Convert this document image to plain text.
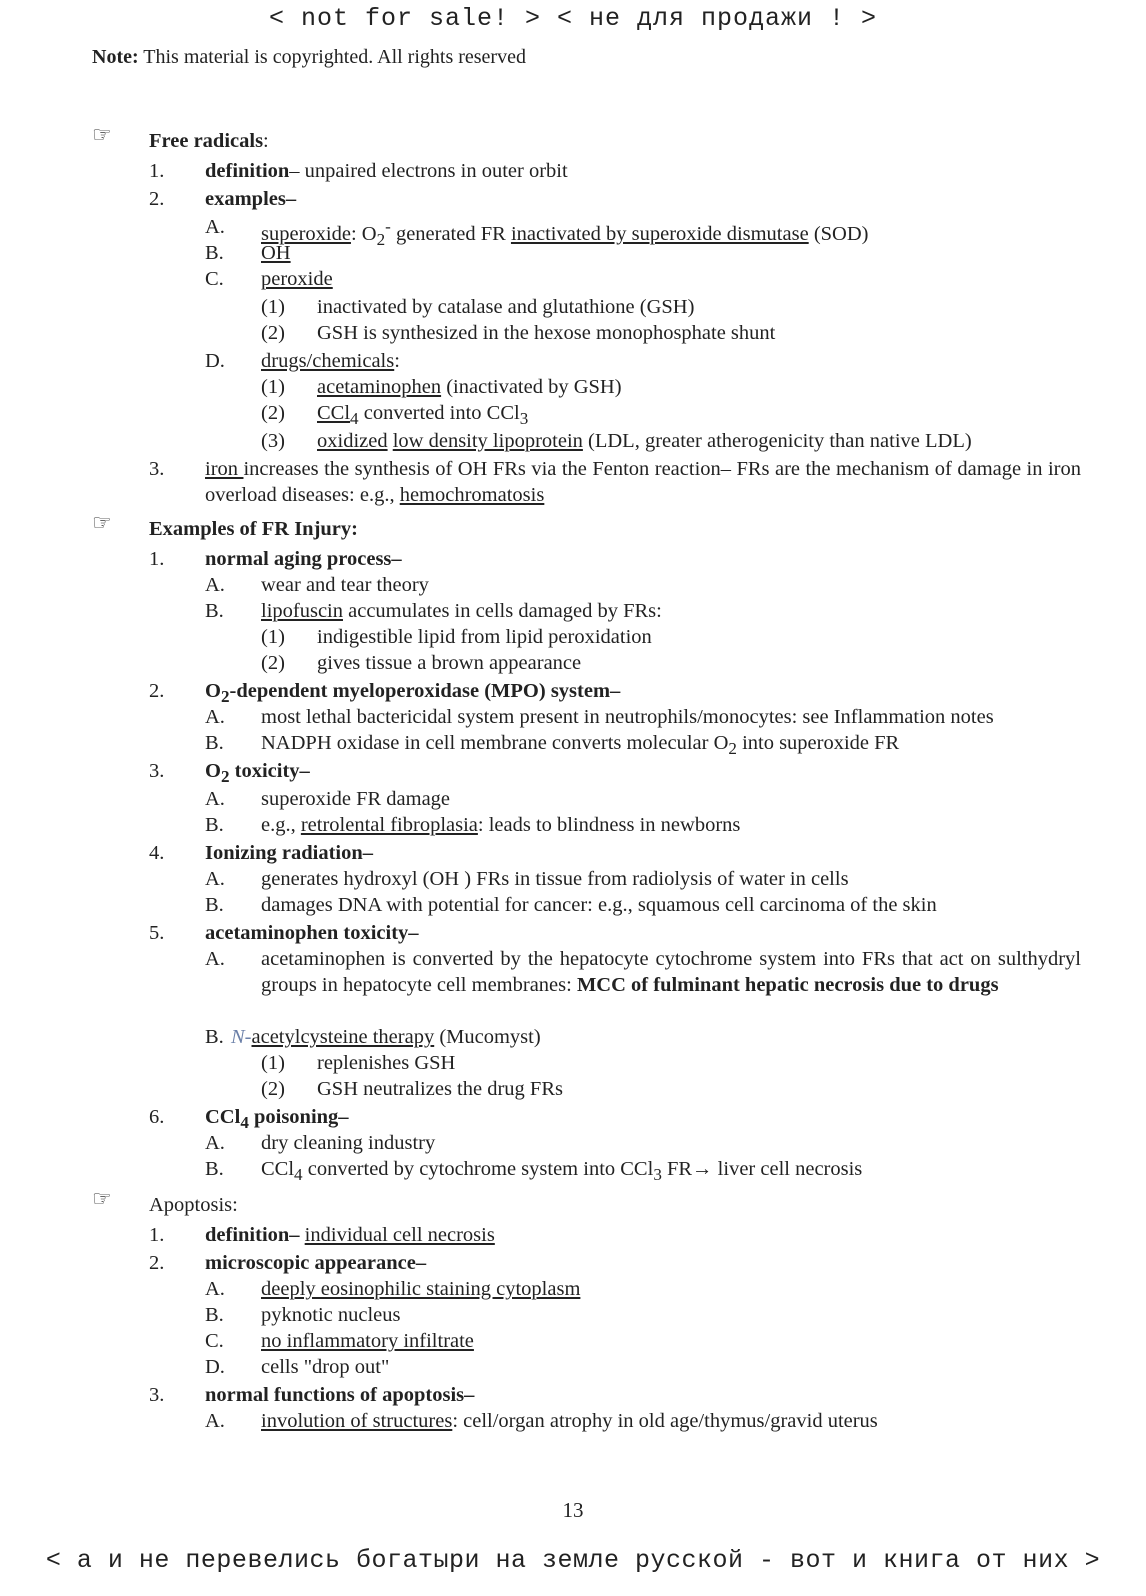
< not for sale! > < не для продажи ! >
Note: This material is copyrighted. All rights reserved
☞ Free radicals:
1. definition– unpaired electrons in outer orbit
2. examples–
A. superoxide: $O_2^-$ generated FR inactivated by superoxide dismutase (SOD)
B. OH
C. peroxide
(1) inactivated by catalase and glutathione (GSH)
(2) GSH is synthesized in the hexose monophosphate shunt
D. drugs/chemicals:
(1) acetaminophen (inactivated by GSH)
(2) CCl$_4$ converted into CCl$_3$
(3) oxidized low density lipoprotein (LDL, greater atherogenicity than native LDL)
3. iron increases the synthesis of OH FRs via the Fenton reaction– FRs are the mechanism of damage in iron overload diseases: e.g., hemochromatosis
☞ Examples of FR Injury:
1. normal aging process–
A. wear and tear theory
B. lipofuscin accumulates in cells damaged by FRs:
(1) indigestible lipid from lipid peroxidation
(2) gives tissue a brown appearance
2. $O_2$-dependent myeloperoxidase (MPO) system–
A. most lethal bactericidal system present in neutrophils/monocytes: see Inflammation notes
B. NADPH oxidase in cell membrane converts molecular $O_2$ into superoxide FR
3. $O_2$ toxicity–
A. superoxide FR damage
B. e.g., retrolental fibroplasia: leads to blindness in newborns
4. Ionizing radiation–
A. generates hydroxyl (OH ) FRs in tissue from radiolysis of water in cells
B. damages DNA with potential for cancer: e.g., squamous cell carcinoma of the skin
5. acetaminophen toxicity–
A. acetaminophen is converted by the hepatocyte cytochrome system into FRs that act on sulthydryl groups in hepatocyte cell membranes: MCC of fulminant hepatic necrosis due to drugs
B. N-acetylcysteine therapy (Mucomyst)
(1) replenishes GSH
(2) GSH neutralizes the drug FRs
6. CCl$_4$ poisoning–
A. dry cleaning industry
B. CCl$_4$ converted by cytochrome system into CCl$_3$ FR→ liver cell necrosis
☞ Apoptosis:
1. definition– individual cell necrosis
2. microscopic appearance–
A. deeply eosinophilic staining cytoplasm
B. pyknotic nucleus
C. no inflammatory infiltrate
D. cells "drop out"
3. normal functions of apoptosis–
A. involution of structures: cell/organ atrophy in old age/thymus/gravid uterus
13
< а и не перевелись богатыри на земле русской - вот и книга от них >
